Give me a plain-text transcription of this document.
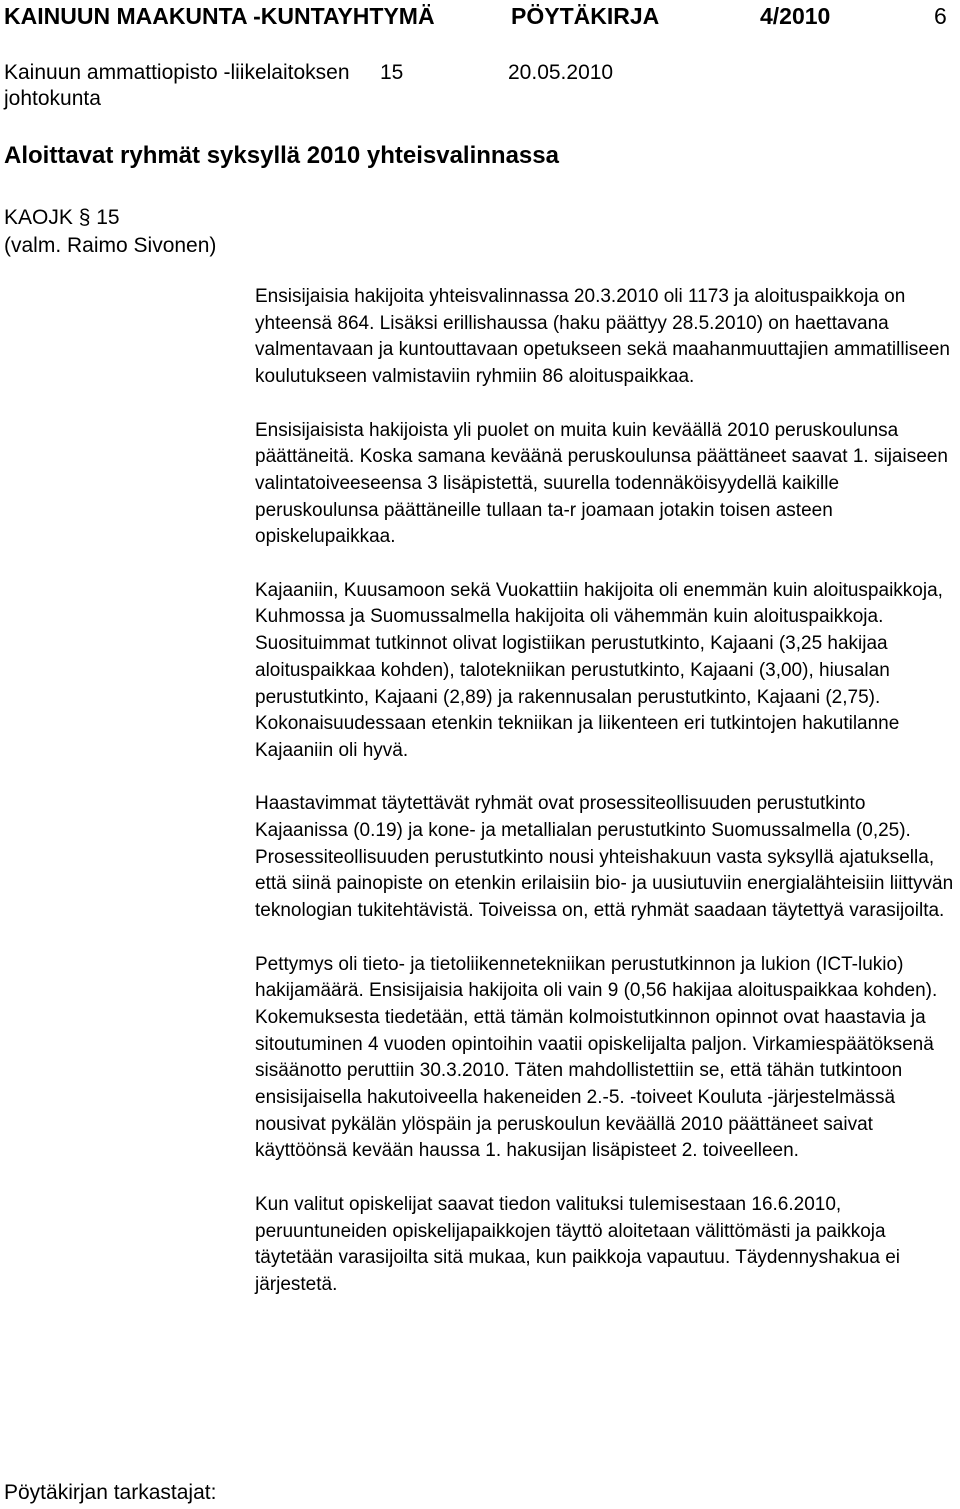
KAINUUN MAAKUNTA -KUNTAYHTYMÄ	PÖYTÄKIRJA	4/2010	6
Kainuun ammattiopisto -liikelaitoksen johtokunta
15	20.05.2010
Aloittavat ryhmät syksyllä 2010 yhteisvalinnassa
KAOJK § 15
(valm. Raimo Sivonen)

Ensisijaisia hakijoita yhteisvalinnassa 20.3.2010 oli 1173 ja aloituspaikkoja on yhteensä 864. Lisäksi erillishaussa (haku päättyy 28.5.2010) on haettavana valmentavaan ja kuntouttavaan opetukseen sekä maahanmuuttajien ammatilliseen koulutukseen valmistaviin ryhmiin 86 aloituspaikkaa.

Ensisijaisista hakijoista yli puolet on muita kuin keväällä 2010 peruskoulunsa päättäneitä. Koska samana keväänä peruskoulunsa päättäneet saavat 1. sijaiseen valintatoiveeseensa 3 lisäpistettä, suurella todennäköisyydellä kaikille peruskoulunsa päättäneille tullaan ta-r joamaan jotakin toisen asteen opiskelupaikkaa.

Kajaaniin, Kuusamoon sekä Vuokattiin hakijoita oli enemmän kuin aloituspaikkoja, Kuhmossa ja Suomussalmella hakijoita oli vähemmän kuin aloituspaikkoja. Suosituimmat tutkinnot olivat logistiikan perustutkinto, Kajaani (3,25 hakijaa aloituspaikkaa kohden), talotekniikan perustutkinto, Kajaani (3,00), hiusalan perustutkinto, Kajaani (2,89) ja rakennusalan perustutkinto, Kajaani (2,75). Kokonaisuudessaan etenkin tekniikan ja liikenteen eri tutkintojen hakutilanne Kajaaniin oli hyvä.

Haastavimmat täytettävät ryhmät ovat prosessiteollisuuden perustutkinto Kajaanissa (0.19) ja kone- ja metallialan perustutkinto Suomussalmella (0,25). Prosessiteollisuuden perustutkinto nousi yhteishakuun vasta syksyllä ajatuksella, että siinä painopiste on etenkin erilaisiin bio- ja uusiutuviin energialähteisiin liittyvän teknologian tukitehtävistä. Toiveissa on, että ryhmät saadaan täytettyä varasijoilta.

Pettymys oli tieto- ja tietoliikennetekniikan perustutkinnon ja lukion (ICT-lukio) hakijamäärä. Ensisijaisia hakijoita oli vain 9 (0,56 hakijaa aloituspaikkaa kohden). Kokemuksesta tiedetään, että tämän kolmoistutkinnon opinnot ovat haastavia ja sitoutuminen 4 vuoden opintoihin vaatii opiskelijalta paljon. Virkamiespäätöksenä sisäänotto peruttiin 30.3.2010. Täten mahdollistettiin se, että tähän tutkintoon ensisijaisella hakutoiveella hakeneiden 2.-5. -toiveet Kouluta -järjestelmässä nousivat pykälän ylöspäin ja peruskoulun keväällä 2010 päättäneet saivat käyttöönsä kevään haussa 1. hakusijan lisäpisteet 2. toiveelleen.

Kun valitut opiskelijat saavat tiedon valituksi tulemisestaan 16.6.2010, peruuntuneiden opiskelijapaikkojen täyttö aloitetaan välittömästi ja paikkoja täytetään varasijoilta sitä mukaa, kun paikkoja vapautuu. Täydennyshakua ei järjestetä.

Pöytäkirjan tarkastajat:
